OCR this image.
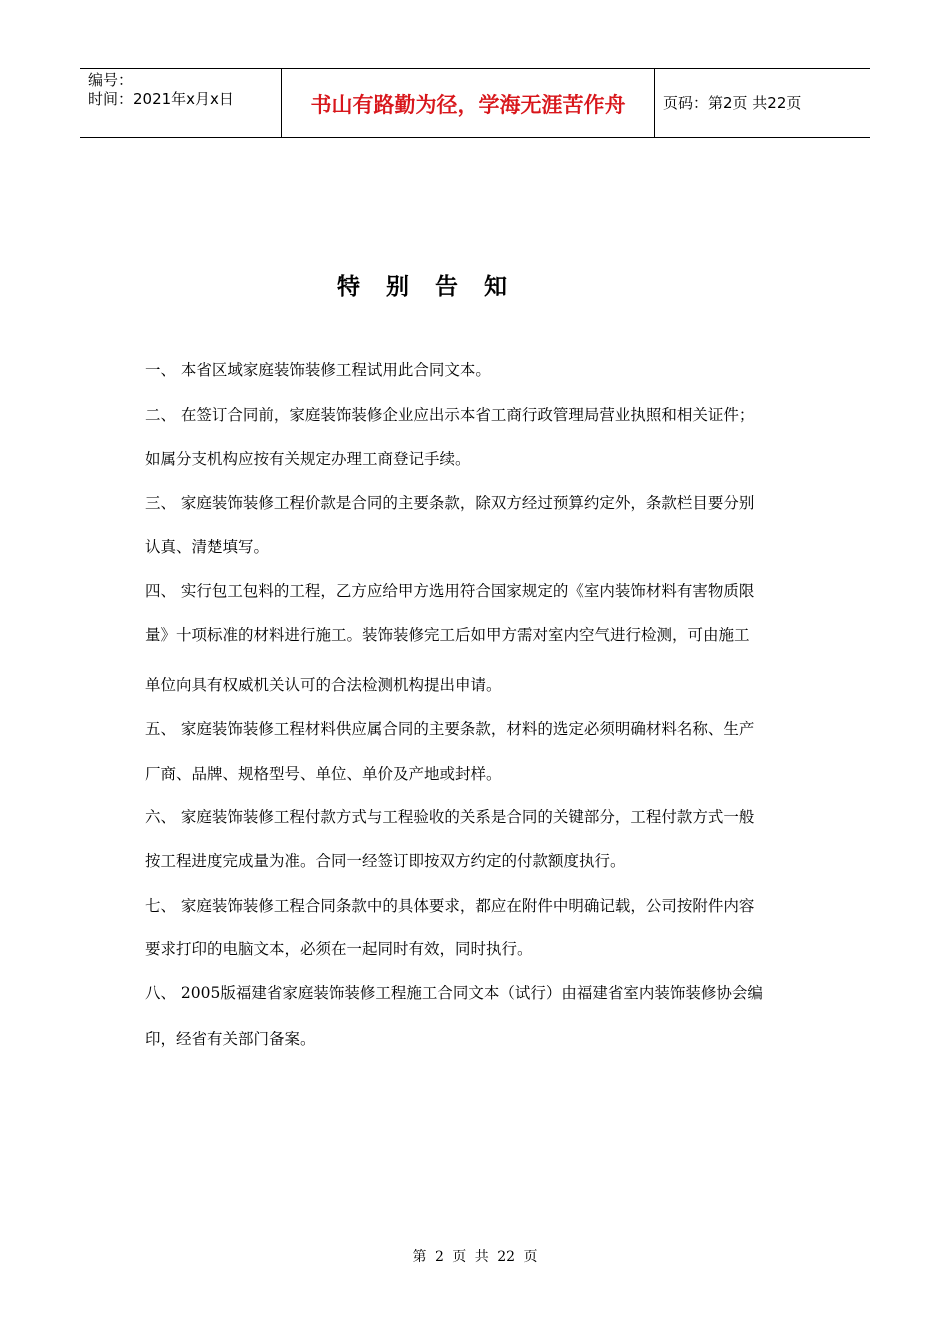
编号：
时间：2021年x月x日	书山有路勤为径，学海无涯苦作舟	页码：第2页 共22页
特别告知
一、 本省区域家庭装饰装修工程试用此合同文本。
二、 在签订合同前，家庭装饰装修企业应出示本省工商行政管理局营业执照和相关证件；
如属分支机构应按有关规定办理工商登记手续。
三、 家庭装饰装修工程价款是合同的主要条款，除双方经过预算约定外，条款栏目要分别
认真、清楚填写。
四、 实行包工包料的工程，乙方应给甲方选用符合国家规定的《室内装饰材料有害物质限
量》十项标准的材料进行施工。装饰装修完工后如甲方需对室内空气进行检测，可由施工
单位向具有权威机关认可的合法检测机构提出申请。
五、 家庭装饰装修工程材料供应属合同的主要条款，材料的选定必须明确材料名称、生产
厂商、品牌、规格型号、单位、单价及产地或封样。
六、 家庭装饰装修工程付款方式与工程验收的关系是合同的关键部分，工程付款方式一般
按工程进度完成量为准。合同一经签订即按双方约定的付款额度执行。
七、 家庭装饰装修工程合同条款中的具体要求，都应在附件中明确记载，公司按附件内容
要求打印的电脑文本，必须在一起同时有效，同时执行。
八、 2005版福建省家庭装饰装修工程施工合同文本（试行）由福建省室内装饰装修协会编
印，经省有关部门备案。
第 2 页 共 22 页
